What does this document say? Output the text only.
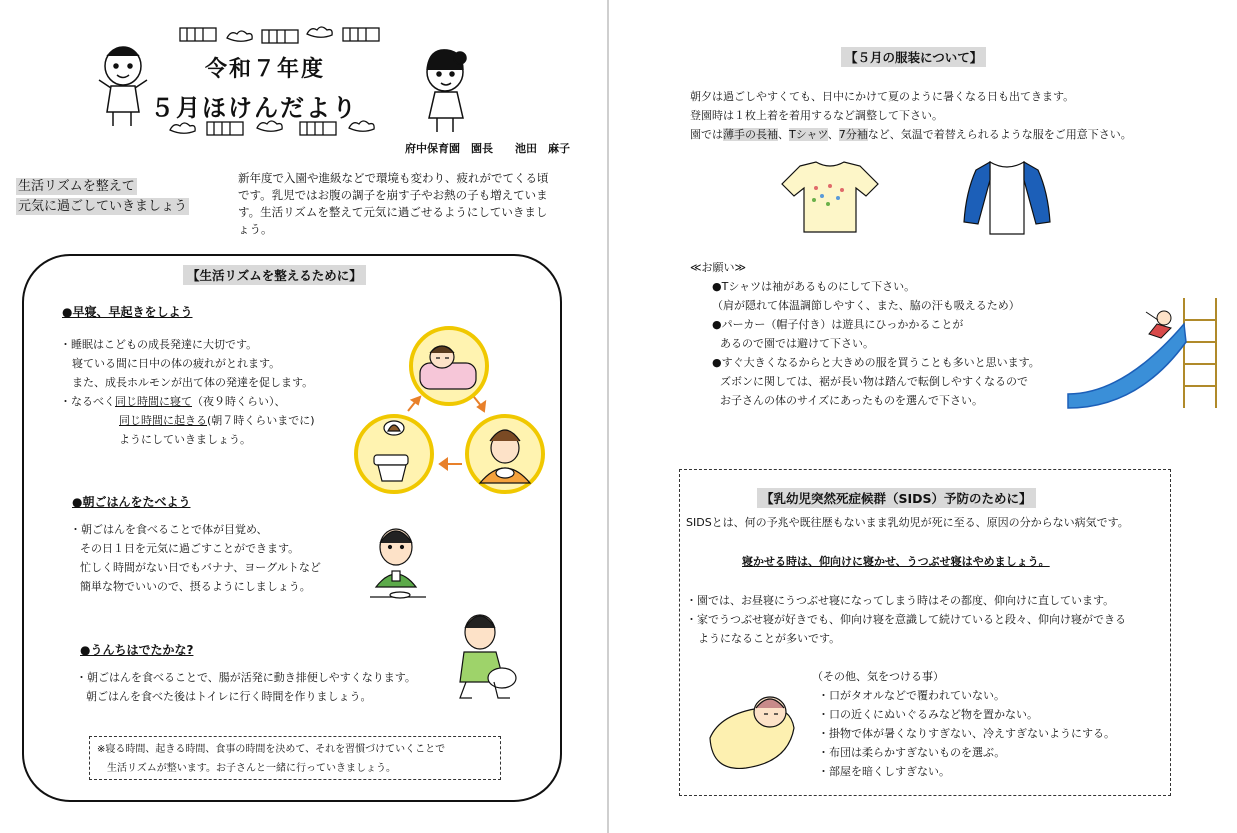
令和７年度
５月ほけんだより
府中保育園　園長　　池田　麻子
生活リズムを整えて
元気に過ごしていきましょう
新年度で入園や進級などで環境も変わり、疲れがでてくる頃
です。乳児ではお腹の調子を崩す子やお熱の子も増えていま
す。生活リズムを整えて元気に過ごせるようにしていきまし
ょう。
【生活リズムを整えるために】
●早寝、早起きをしよう
・睡眠はこどもの成長発達に大切です。
寝ている間に日中の体の疲れがとれます。
また、成長ホルモンが出て体の発達を促します。
・なるべく同じ時間に寝て（夜９時くらい）、
同じ時間に起きる(朝７時くらいまでに)
ようにしていきましょう。
●朝ごはんをたべよう
・朝ごはんを食べることで体が目覚め、
その日１日を元気に過ごすことができます。
忙しく時間がない日でもバナナ、ヨーグルトなど
簡単な物でいいので、摂るようにしましょう。
●うんちはでたかな?
・朝ごはんを食べることで、腸が活発に動き排便しやすくなります。
朝ごはんを食べた後はトイレに行く時間を作りましょう。
※寝る時間、起きる時間、食事の時間を決めて、それを習慣づけていくことで
生活リズムが整います。お子さんと一緒に行っていきましょう。
【５月の服装について】
朝夕は過ごしやすくても、日中にかけて夏のように暑くなる日も出てきます。
登園時は１枚上着を着用するなど調整して下さい。
園では薄手の長袖、Tシャツ、7分袖など、気温で着替えられるような服をご用意下さい。
≪お願い≫
●Tシャツは袖があるものにして下さい。
（肩が隠れて体温調節しやすく、また、脇の汗も吸えるため）
●パーカー（帽子付き）は遊具にひっかかることが
あるので園では避けて下さい。
●すぐ大きくなるからと大きめの服を買うことも多いと思います。
ズボンに関しては、裾が長い物は踏んで転倒しやすくなるので
お子さんの体のサイズにあったものを選んで下さい。
【乳幼児突然死症候群（SIDS）予防のために】
SIDSとは、何の予兆や既往歴もないまま乳幼児が死に至る、原因の分からない病気です。
寝かせる時は、仰向けに寝かせ、うつぶせ寝はやめましょう。
・園では、お昼寝にうつぶせ寝になってしまう時はその都度、仰向けに直しています。
・家でうつぶせ寝が好きでも、仰向け寝を意識して続けていると段々、仰向け寝ができる
ようになることが多いです。
（その他、気をつける事）
・口がタオルなどで覆われていない。
・口の近くにぬいぐるみなど物を置かない。
・掛物で体が暑くなりすぎない、冷えすぎないようにする。
・布団は柔らかすぎないものを選ぶ。
・部屋を暗くしすぎない。
